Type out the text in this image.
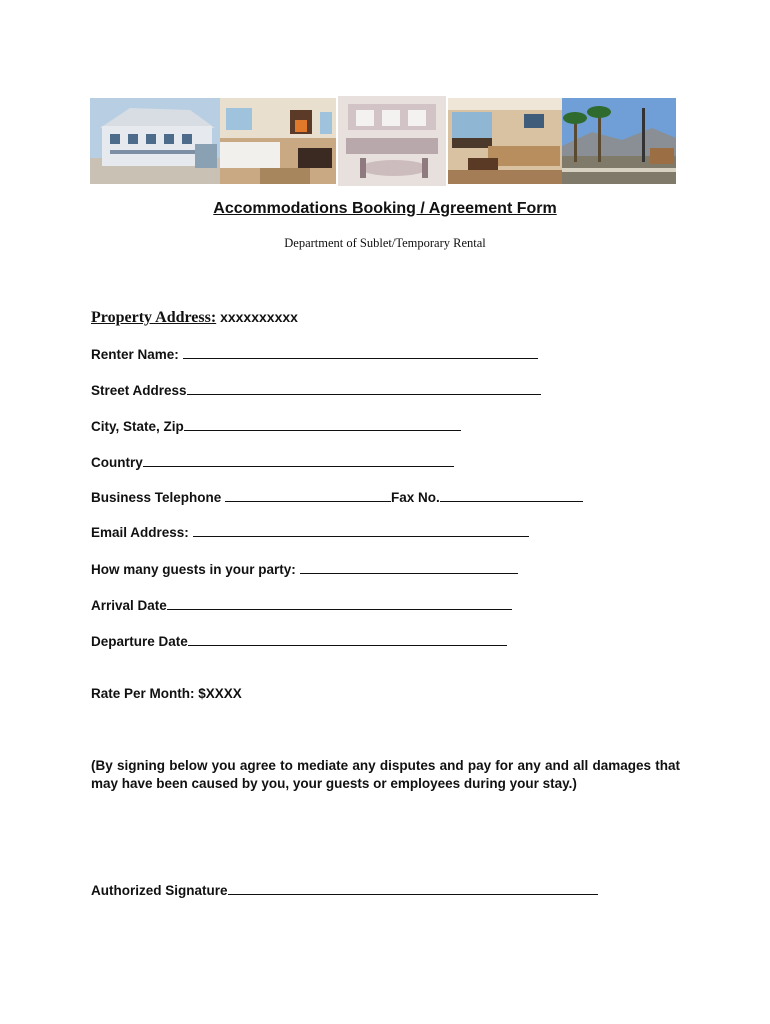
Accommodations Booking / Agreement Form
Department of Sublet/Temporary Rental
Property Address: xxxxxxxxxx
Renter Name:
Street Address
City, State, Zip
Country
Business Telephone	Fax No.
Email Address:
How many guests in your party:
Arrival Date
Departure Date
Rate Per Month: $XXXX
(By signing below you agree to mediate any disputes and pay for any and all damages that may have been caused by you, your guests or employees during your stay.)
Authorized Signature
